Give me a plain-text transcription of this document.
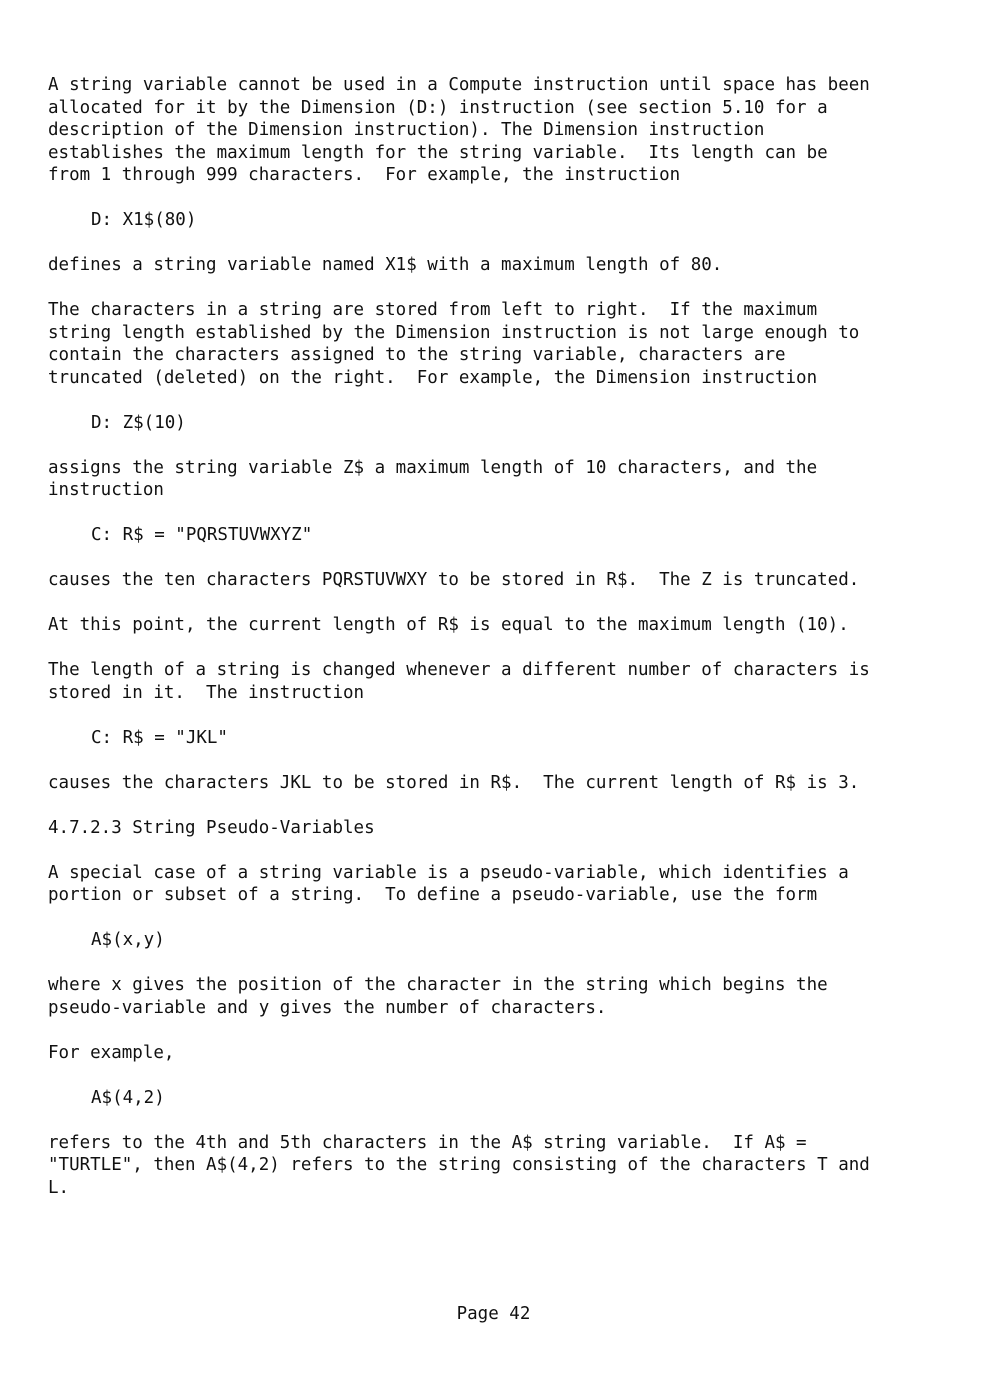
A string variable cannot be used in a Compute instruction until space has been
allocated for it by the Dimension (D:) instruction (see section 5.10 for a
description of the Dimension instruction). The Dimension instruction
establishes the maximum length for the string variable.  Its length can be
from 1 through 999 characters.  For example, the instruction

D: X1$(80)

defines a string variable named X1$ with a maximum length of 80.

The characters in a string are stored from left to right.  If the maximum
string length established by the Dimension instruction is not large enough to
contain the characters assigned to the string variable, characters are
truncated (deleted) on the right.  For example, the Dimension instruction

D: Z$(10)

assigns the string variable Z$ a maximum length of 10 characters, and the
instruction

C: R$ = "PQRSTUVWXYZ"

causes the ten characters PQRSTUVWXY to be stored in R$.  The Z is truncated.

At this point, the current length of R$ is equal to the maximum length (10).

The length of a string is changed whenever a different number of characters is
stored in it.  The instruction

C: R$ = "JKL"

causes the characters JKL to be stored in R$.  The current length of R$ is 3.

4.7.2.3 String Pseudo-Variables

A special case of a string variable is a pseudo-variable, which identifies a
portion or subset of a string.  To define a pseudo-variable, use the form

A$(x,y)

where x gives the position of the character in the string which begins the
pseudo-variable and y gives the number of characters.

For example,

A$(4,2)

refers to the 4th and 5th characters in the A$ string variable.  If A$ =
"TURTLE", then A$(4,2) refers to the string consisting of the characters T and
L.

Page 42
